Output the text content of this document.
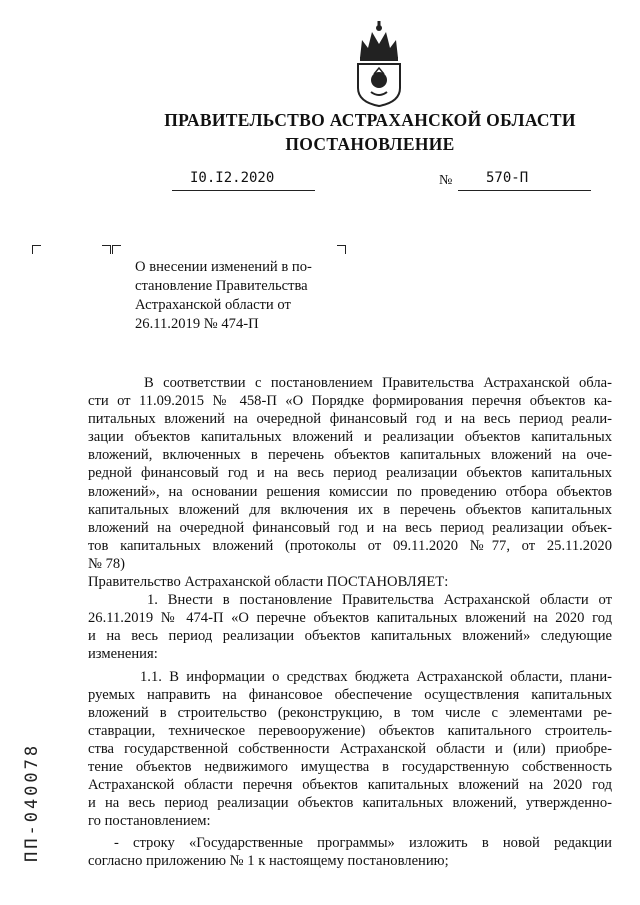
ПРАВИТЕЛЬСТВО АСТРАХАНСКОЙ ОБЛАСТИ
ПОСТАНОВЛЕНИЕ
I0.I2.2020	№ 570-П
О внесении изменений в по-
становление Правительства
Астраханской области от
26.11.2019 № 474-П
В соответствии с постановлением Правительства Астраханской обла-
сти от 11.09.2015 № 458-П «О Порядке формирования перечня объектов ка-
питальных вложений на очередной финансовый год и на весь период реали-
зации объектов капитальных вложений и реализации объектов капитальных
вложений, включенных в перечень объектов капитальных вложений на оче-
редной финансовый год и на весь период реализации объектов капитальных
вложений», на основании решения комиссии по проведению отбора объектов
капитальных вложений для включения их в перечень объектов капитальных
вложений на очередной финансовый год и на весь период реализации объек-
тов капитальных вложений (протоколы от 09.11.2020 №77, от 25.11.2020
№ 78)
Правительство Астраханской области ПОСТАНОВЛЯЕТ:
1. Внести в постановление Правительства Астраханской области от
26.11.2019 № 474-П «О перечне объектов капитальных вложений на 2020 год
и на весь период реализации объектов капитальных вложений» следующие
изменения:
1.1. В информации о средствах бюджета Астраханской области, плани-
руемых направить на финансовое обеспечение осуществления капитальных
вложений в строительство (реконструкцию, в том числе с элементами ре-
ставрации, техническое перевооружение) объектов капитального строитель-
ства государственной собственности Астраханской области и (или) приобре-
тение объектов недвижимого имущества в государственную собственность
Астраханской области перечня объектов капитальных вложений на 2020 год
и на весь период реализации объектов капитальных вложений, утвержденно-
го постановлением:
- строку «Государственные программы» изложить в новой редакции
согласно приложению № 1 к настоящему постановлению;
ПП-040078
